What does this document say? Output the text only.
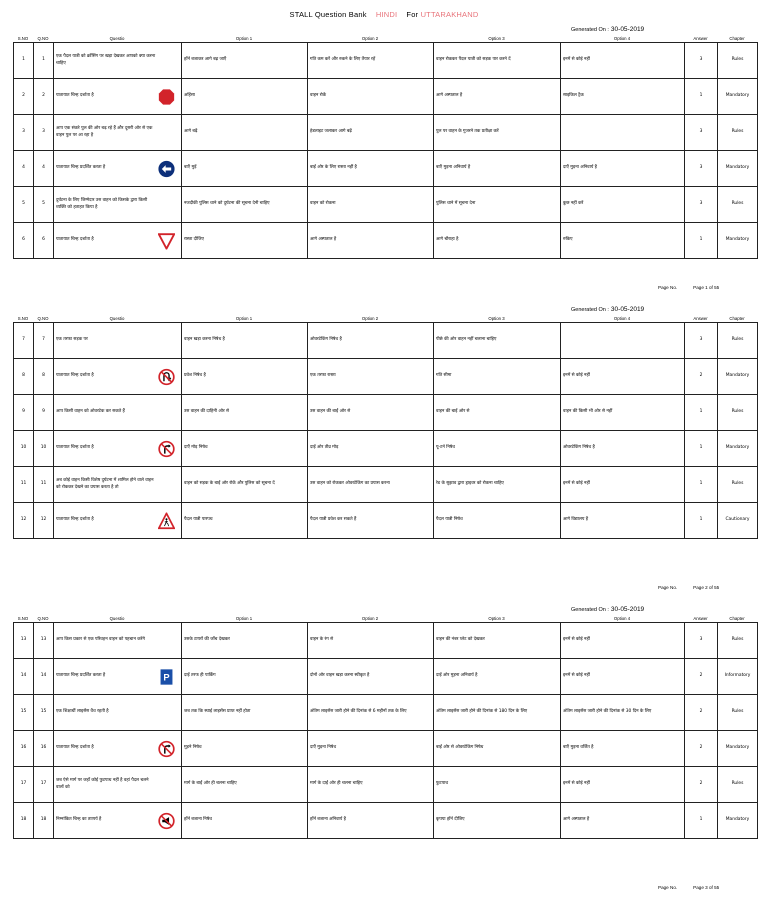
STALL Question Bank HINDI For UTTARAKHAND
Generated On : 30-05-2019
S.NO	Q.NO	Questio	Option 1	Option 2	Option 3	Option 4	Answer	Chapter
1	1	एक पैदल यात्री को क्रॉसिंग पर खड़ा देखकर आपको क्या करना चाहिए	हॉर्न बजाकर आगे बढ़ जाएँ	गति कम करें और रुकने के लिए तैयार रहें	वाहन रोककर पैदल यात्री को सड़क पार करने दें	इनमें से कोई नहीं	3	Rules
2	2	यातायात चिन्ह दर्शाता है	अहिंसा	वाहन रोकें	आगे अस्पताल है	साइकिल ट्रैक	1	Mandatory
3	3	आप एक संकरे पुल की ओर बढ़ रहे हैं और दूसरी ओर से एक वाहन पुल पर आ रहा है	आगे बढ़ें	हेडलाइट जलाकर आगे बढ़ें	पुल पर वाहन के गुजरने तक प्रतीक्षा करें		3	Rules
4	4	यातायात चिन्ह प्रदर्शित करता है	बाएँ मुड़ें	बाईं ओर के लिए रास्ता नहीं है	बाएँ मुड़ना अनिवार्य है	दाएँ मुड़ना अनिवार्य है	3	Mandatory
5	5	दुर्घटना के लिए जिम्मेदार उस वाहन को किसके द्वारा किसी व्यक्ति को हताहत किया है	नजदीकी पुलिस थाने को दुर्घटना की सूचना देनी चाहिए	वाहन को रोकना	पुलिस थाने में सूचना देना	कुछ नहीं करें	3	Rules
6	6	यातायात चिन्ह दर्शाता है	रास्ता दीजिए	आगे अस्पताल है	आगे चौराहा है	रुकिए	1	Mandatory
Page No.	Page 1 of 55
Generated On : 30-05-2019
S.NO	Q.NO	Questio	Option 1	Option 2	Option 3	Option 4	Answer	Chapter
7	7	एक तरफा सड़क पर	वाहन खड़ा करना निषेध है	ओवरटेकिंग निषेध है	पीछे की ओर वाहन नहीं चलाना चाहिए		3	Rules
8	8	यातायात चिन्ह दर्शाता है	प्रवेश निषेध है	एक तरफा रास्ता	गति सीमा	इनमें से कोई नहीं	2	Mandatory
9	9	आप किसी वाहन को ओवरटेक कर सकते हैं	उस वाहन की दाहिनी ओर से	उस वाहन की बाईं ओर से	वाहन की बाईं ओर से	वाहन की किसी भी ओर से नहीं	1	Rules
10	10	यातायात चिन्ह दर्शाता है	दाएँ मोड़ निषेध	दाईं ओर तीव्र मोड़	यू-टर्न निषेध	ओवरटेकिंग निषेध है	1	Mandatory
11	11	अब कोई वाहन किसी विशेष दुर्घटना में शामिल होने वाले वाहन को रोककर देखने का प्रयास करता है तो	वाहन को सड़क के बाईं ओर रोकें और पुलिस को सूचना दें	उस वाहन को रोककर ओवरटेकिंग का प्रयास करना	रेड के सुझाव द्वारा ड्राइवर को रोकना चाहिए	इनमें से कोई नहीं	1	Rules
12	12	यातायात चिन्ह दर्शाता है	पैदल यात्री पारपथ	पैदल यात्री प्रवेश कर सकते हैं	पैदल यात्री निषेध	आगे विद्यालय है	1	Cautionary
Page No.	Page 2 of 55
Generated On : 30-05-2019
S.NO	Q.NO	Questio	Option 1	Option 2	Option 3	Option 4	Answer	Chapter
13	13	आप किस प्रकार से एक परिवहन वाहन को पहचान करेंगे	उसके टायरों की जाँच देखकर	वाहन के रंग से	वाहन की नंबर प्लेट को देखकर	इनमें से कोई नहीं	3	Rules
14	14	यातायात चिन्ह प्रदर्शित करता है P	दाईं तरफ ही पार्किंग	दोनों ओर वाहन खड़ा करना स्वीकृत है	दाईं ओर मुड़ना अनिवार्य है	इनमें से कोई नहीं	2	Informatory
15	15	एक शिक्षार्थी लाइसेंस वैध रहती है	जब तक कि स्थाई लाइसेंस प्राप्त नहीं होता	अंतिम लाइसेंस जारी होने की दिनांक से 6 महीनों तक के लिए	अंतिम लाइसेंस जारी होने की दिनांक से 180 दिन के लिए	अंतिम लाइसेंस जारी होने की दिनांक से 30 दिन के लिए	2	Rules
16	16	यातायात चिन्ह दर्शाता है	मुड़ने निषेध	दाएँ मुड़ना निषेध	बाईं ओर से ओवरटेकिंग निषेध	बाएँ मुड़ना वर्जित है	2	Mandatory
17	17	जब ऐसे मार्ग पर जहाँ कोई फुटपाथ नहीं है वहां पैदल चलने वालों को	मार्ग के बाईं ओर ही चलना चाहिए	मार्ग के दाईं ओर ही चलना चाहिए	फुटपाथ	इनमें से कोई नहीं	2	Rules
18	18	निम्नांकित चिन्ह का तात्पर्य है	हॉर्न बजाना निषेध	हॉर्न बजाना अनिवार्य है	कृपया हॉर्न दीजिए	आगे अस्पताल है	1	Mandatory
Page No.	Page 3 of 55
